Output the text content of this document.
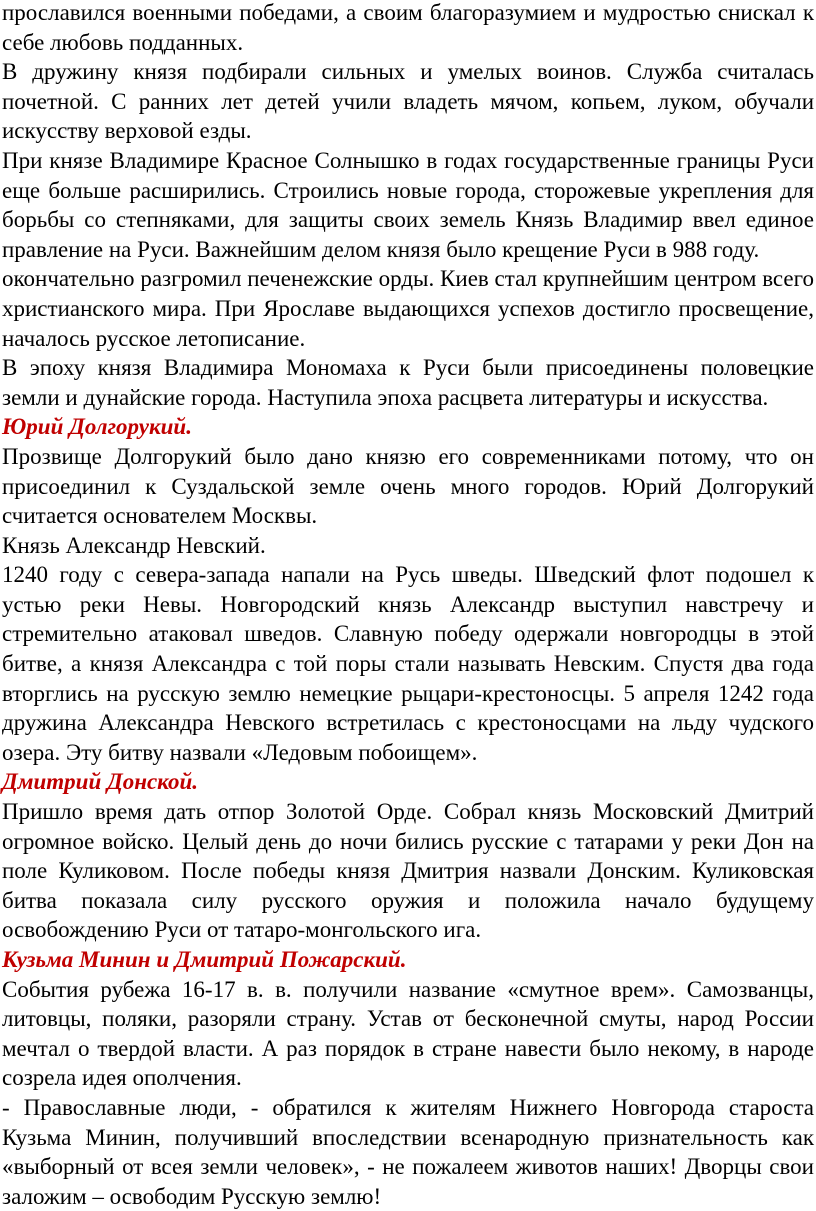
прославился военными победами, а своим благоразумием и мудростью снискал к себе любовь подданных.

В дружину князя подбирали сильных и умелых воинов. Служба считалась почетной. С ранних лет детей учили владеть мячом, копьем, луком, обучали искусству верховой езды.

При князе Владимире Красное Солнышко в годах государственные границы Руси еще больше расширились. Строились новые города, сторожевые укрепления для борьбы со степняками, для защиты своих земель Князь Владимир ввел единое правление на Руси. Важнейшим делом князя было крещение Руси в 988 году.

окончательно разгромил печенежские орды. Киев стал крупнейшим центром всего христианского мира. При Ярославе выдающихся успехов достигло просвещение, началось русское летописание.

В эпоху князя Владимира Мономаха к Руси были присоединены половецкие земли и дунайские города. Наступила эпоха расцвета литературы и искусства.

Юрий Долгорукий.

Прозвище Долгорукий было дано князю его современниками потому, что он присоединил к Суздальской земле очень много городов. Юрий Долгорукий считается основателем Москвы.

Князь Александр Невский.

1240 году с севера-запада напали на Русь шведы. Шведский флот подошел к устью реки Невы. Новгородский князь Александр выступил навстречу и стремительно атаковал шведов. Славную победу одержали новгородцы в этой битве, а князя Александра с той поры стали называть Невским. Спустя два года вторглись на русскую землю немецкие рыцари-крестоносцы. 5 апреля 1242 года дружина Александра Невского встретилась с крестоносцами на льду чудского озера. Эту битву назвали «Ледовым побоищем».

Дмитрий Донской.

Пришло время дать отпор Золотой Орде. Собрал князь Московский Дмитрий огромное войско. Целый день до ночи бились русские с татарами у реки Дон на поле Куликовом. После победы князя Дмитрия назвали Донским. Куликовская битва показала силу русского оружия и положила начало будущему освобождению Руси от татаро-монгольского ига.

Кузьма Минин и Дмитрий Пожарский.

События рубежа 16-17 в. в. получили название «смутное врем». Самозванцы, литовцы, поляки, разоряли страну. Устав от бесконечной смуты, народ России мечтал о твердой власти. А раз порядок в стране навести было некому, в народе созрела идея ополчения.

- Православные люди, - обратился к жителям Нижнего Новгорода староста Кузьма Минин, получивший впоследствии всенародную признательность как «выборный от всея земли человек», - не пожалеем животов наших! Дворцы свои заложим – освободим Русскую землю!
